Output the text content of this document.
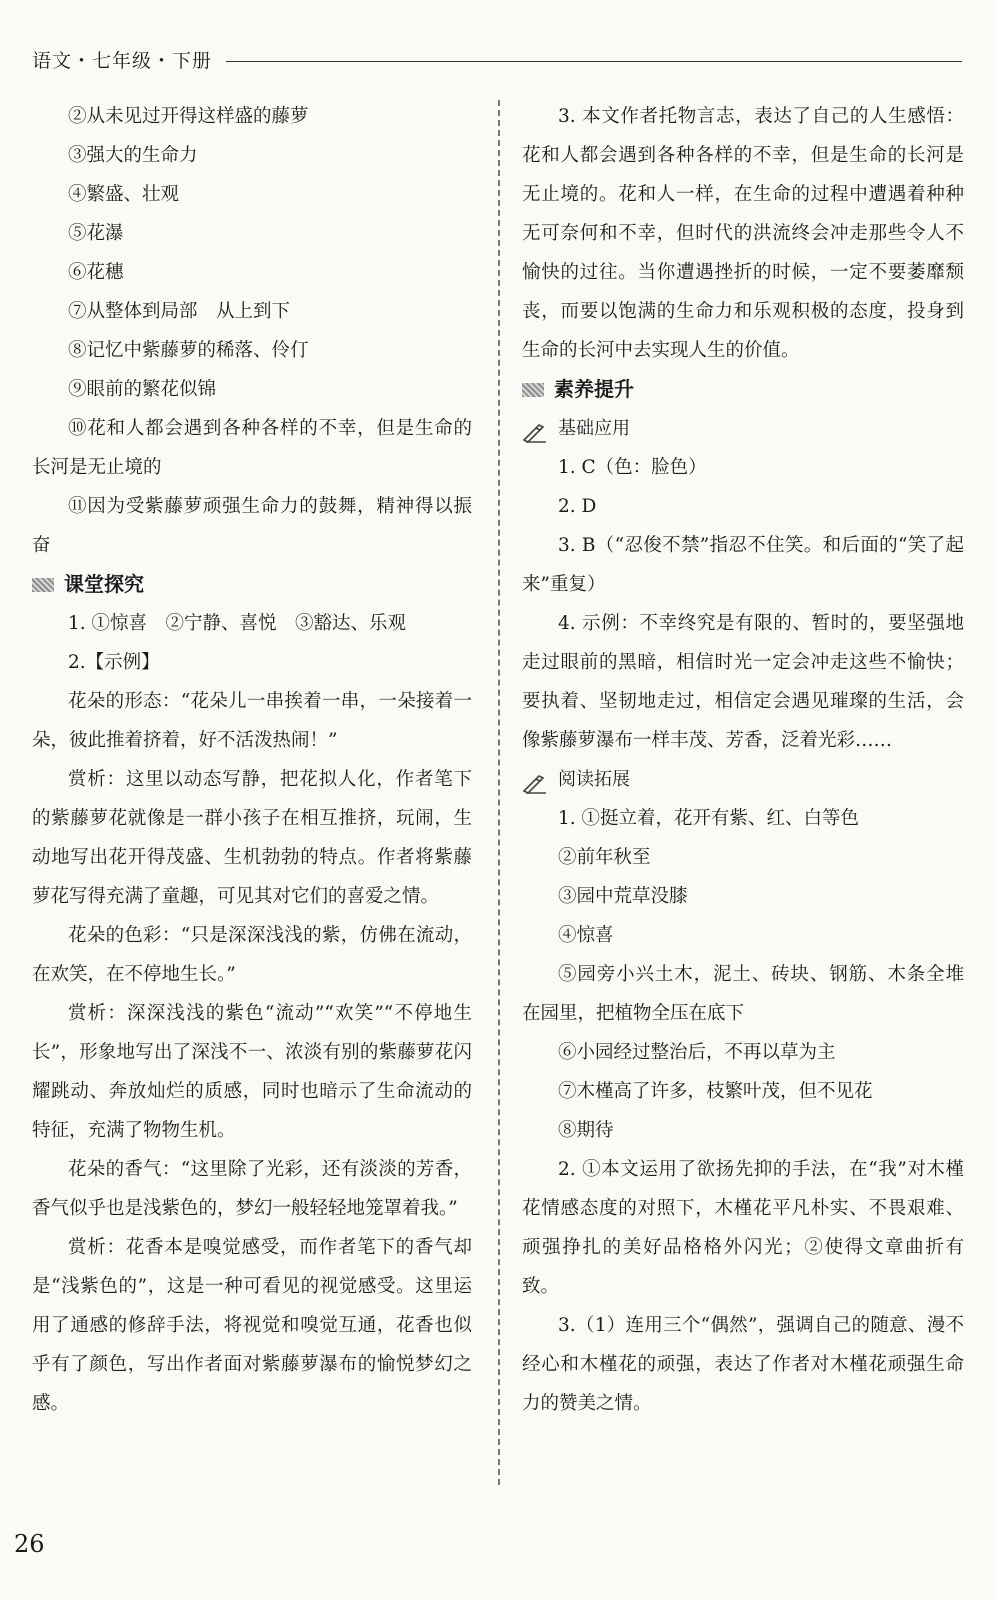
语文・七年级・下册

②从未见过开得这样盛的藤萝

③强大的生命力

④繁盛、壮观

⑤花瀑

⑥花穗

⑦从整体到局部　从上到下

⑧记忆中紫藤萝的稀落、伶仃

⑨眼前的繁花似锦

⑩花和人都会遇到各种各样的不幸，但是生命的长河是无止境的

⑪因为受紫藤萝顽强生命力的鼓舞，精神得以振奋

课堂探究

1. ①惊喜　②宁静、喜悦　③豁达、乐观

2.【示例】

花朵的形态：“花朵儿一串挨着一串，一朵接着一朵，彼此推着挤着，好不活泼热闹！”

赏析：这里以动态写静，把花拟人化，作者笔下的紫藤萝花就像是一群小孩子在相互推挤，玩闹，生动地写出花开得茂盛、生机勃勃的特点。作者将紫藤萝花写得充满了童趣，可见其对它们的喜爱之情。

花朵的色彩：“只是深深浅浅的紫，仿佛在流动，在欢笑，在不停地生长。”

赏析：深深浅浅的紫色“流动”“欢笑”“不停地生长”，形象地写出了深浅不一、浓淡有别的紫藤萝花闪耀跳动、奔放灿烂的质感，同时也暗示了生命流动的特征，充满了物物生机。

花朵的香气：“这里除了光彩，还有淡淡的芳香，香气似乎也是浅紫色的，梦幻一般轻轻地笼罩着我。”

赏析：花香本是嗅觉感受，而作者笔下的香气却是“浅紫色的”，这是一种可看见的视觉感受。这里运用了通感的修辞手法，将视觉和嗅觉互通，花香也似乎有了颜色，写出作者面对紫藤萝瀑布的愉悦梦幻之感。

3. 本文作者托物言志，表达了自己的人生感悟：花和人都会遇到各种各样的不幸，但是生命的长河是无止境的。花和人一样，在生命的过程中遭遇着种种无可奈何和不幸，但时代的洪流终会冲走那些令人不愉快的过往。当你遭遇挫折的时候，一定不要萎靡颓丧，而要以饱满的生命力和乐观积极的态度，投身到生命的长河中去实现人生的价值。

素养提升
基础应用

1. C（色：脸色）

2. D

3. B（“忍俊不禁”指忍不住笑。和后面的“笑了起来”重复）

4. 示例：不幸终究是有限的、暂时的，要坚强地走过眼前的黑暗，相信时光一定会冲走这些不愉快；要执着、坚韧地走过，相信定会遇见璀璨的生活，会像紫藤萝瀑布一样丰茂、芳香，泛着光彩……

阅读拓展

1. ①挺立着，花开有紫、红、白等色

②前年秋至

③园中荒草没膝

④惊喜

⑤园旁小兴土木，泥土、砖块、钢筋、木条全堆在园里，把植物全压在底下

⑥小园经过整治后，不再以草为主

⑦木槿高了许多，枝繁叶茂，但不见花

⑧期待

2. ①本文运用了欲扬先抑的手法，在“我”对木槿花情感态度的对照下，木槿花平凡朴实、不畏艰难、顽强挣扎的美好品格格外闪光；②使得文章曲折有致。

3.（1）连用三个“偶然”，强调自己的随意、漫不经心和木槿花的顽强，表达了作者对木槿花顽强生命力的赞美之情。

26
